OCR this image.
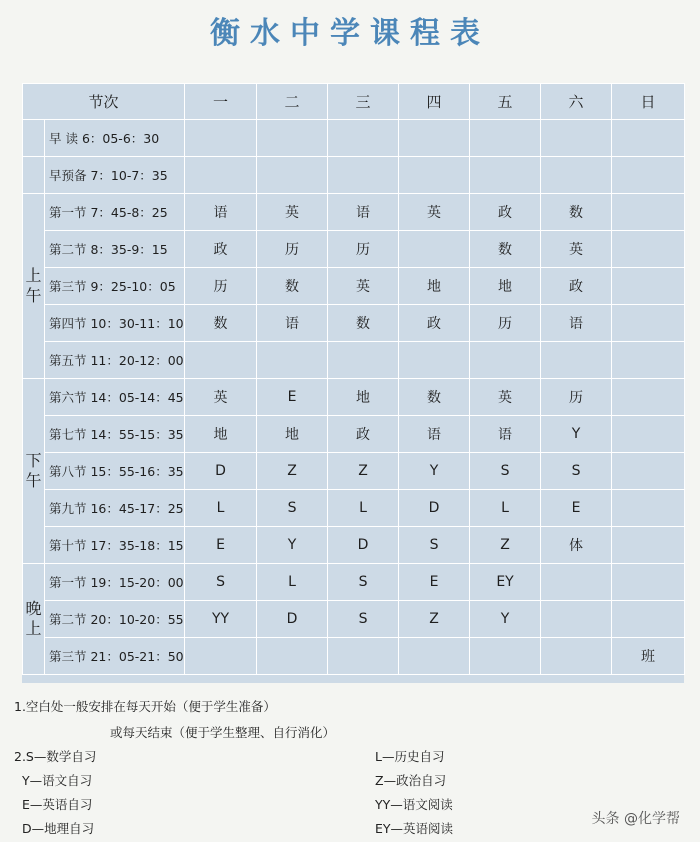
衡水中学课程表
节次		一	二	三	四	五	六	日
	早 读 6：05-6：30							
	早预备 7：10-7：35							
上
午	第一节 7：45-8：25	语	英	语	英	政	数	
	第二节 8：35-9：15	政	历	历		数	英	
	第三节 9：25-10：05	历	数	英	地	地	政	
	第四节 10：30-11：10	数	语	数	政	历	语	
	第五节 11：20-12：00							
下
午	第六节 14：05-14：45	英	E	地	数	英	历	
	第七节 14：55-15：35	地	地	政	语	语	Y	
	第八节 15：55-16：35	D	Z	Z	Y	S	S	
	第九节 16：45-17：25	L	S	L	D	L	E	
	第十节 17：35-18：15	E	Y	D	S	Z	体	
晚
上	第一节 19：15-20：00	S	L	S	E	EY		
	第二节 20：10-20：55	YY	D	S	Z	Y		
	第三节 21：05-21：50							班
1.空白处一般安排在每天开始（便于学生准备）
或每天结束（便于学生整理、自行消化）
2.S—数学自习
Y—语文自习
E—英语自习
D—地理自习
L—历史自习
Z—政治自习
YY—语文阅读
EY—英语阅读
头条 @化学帮
